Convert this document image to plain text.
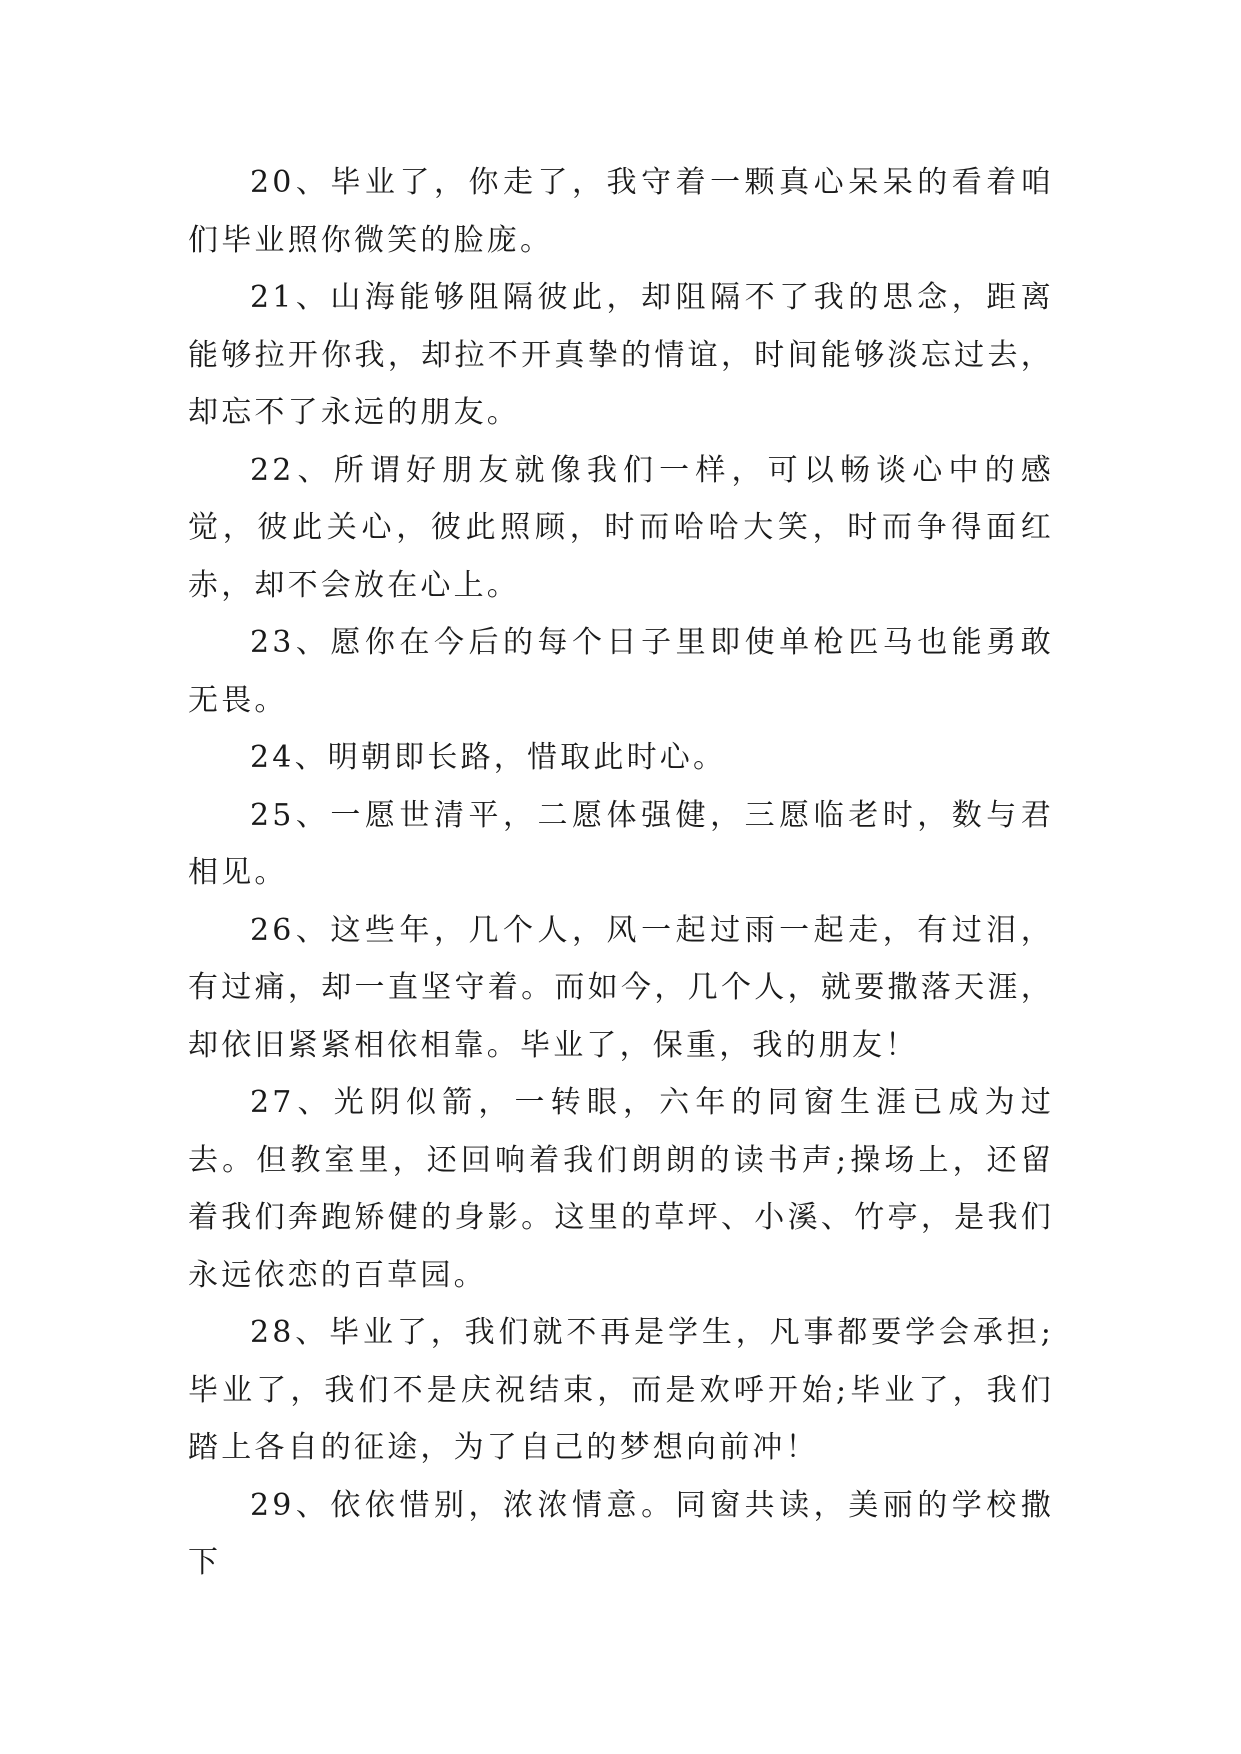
20、毕业了，你走了，我守着一颗真心呆呆的看着咱们毕业照你微笑的脸庞。

21、山海能够阻隔彼此，却阻隔不了我的思念，距离能够拉开你我，却拉不开真挚的情谊，时间能够淡忘过去，却忘不了永远的朋友。

22、所谓好朋友就像我们一样，可以畅谈心中的感觉，彼此关心，彼此照顾，时而哈哈大笑，时而争得面红赤，却不会放在心上。

23、愿你在今后的每个日子里即使单枪匹马也能勇敢无畏。

24、明朝即长路，惜取此时心。

25、一愿世清平，二愿体强健，三愿临老时，数与君相见。

26、这些年，几个人，风一起过雨一起走，有过泪，有过痛，却一直坚守着。而如今，几个人，就要撒落天涯，却依旧紧紧相依相靠。毕业了，保重，我的朋友！

27、光阴似箭，一转眼，六年的同窗生涯已成为过去。但教室里，还回响着我们朗朗的读书声;操场上，还留着我们奔跑矫健的身影。这里的草坪、小溪、竹亭，是我们永远依恋的百草园。

28、毕业了，我们就不再是学生，凡事都要学会承担;毕业了，我们不是庆祝结束，而是欢呼开始;毕业了，我们踏上各自的征途，为了自己的梦想向前冲！

29、依依惜别，浓浓情意。同窗共读，美丽的学校撒下
